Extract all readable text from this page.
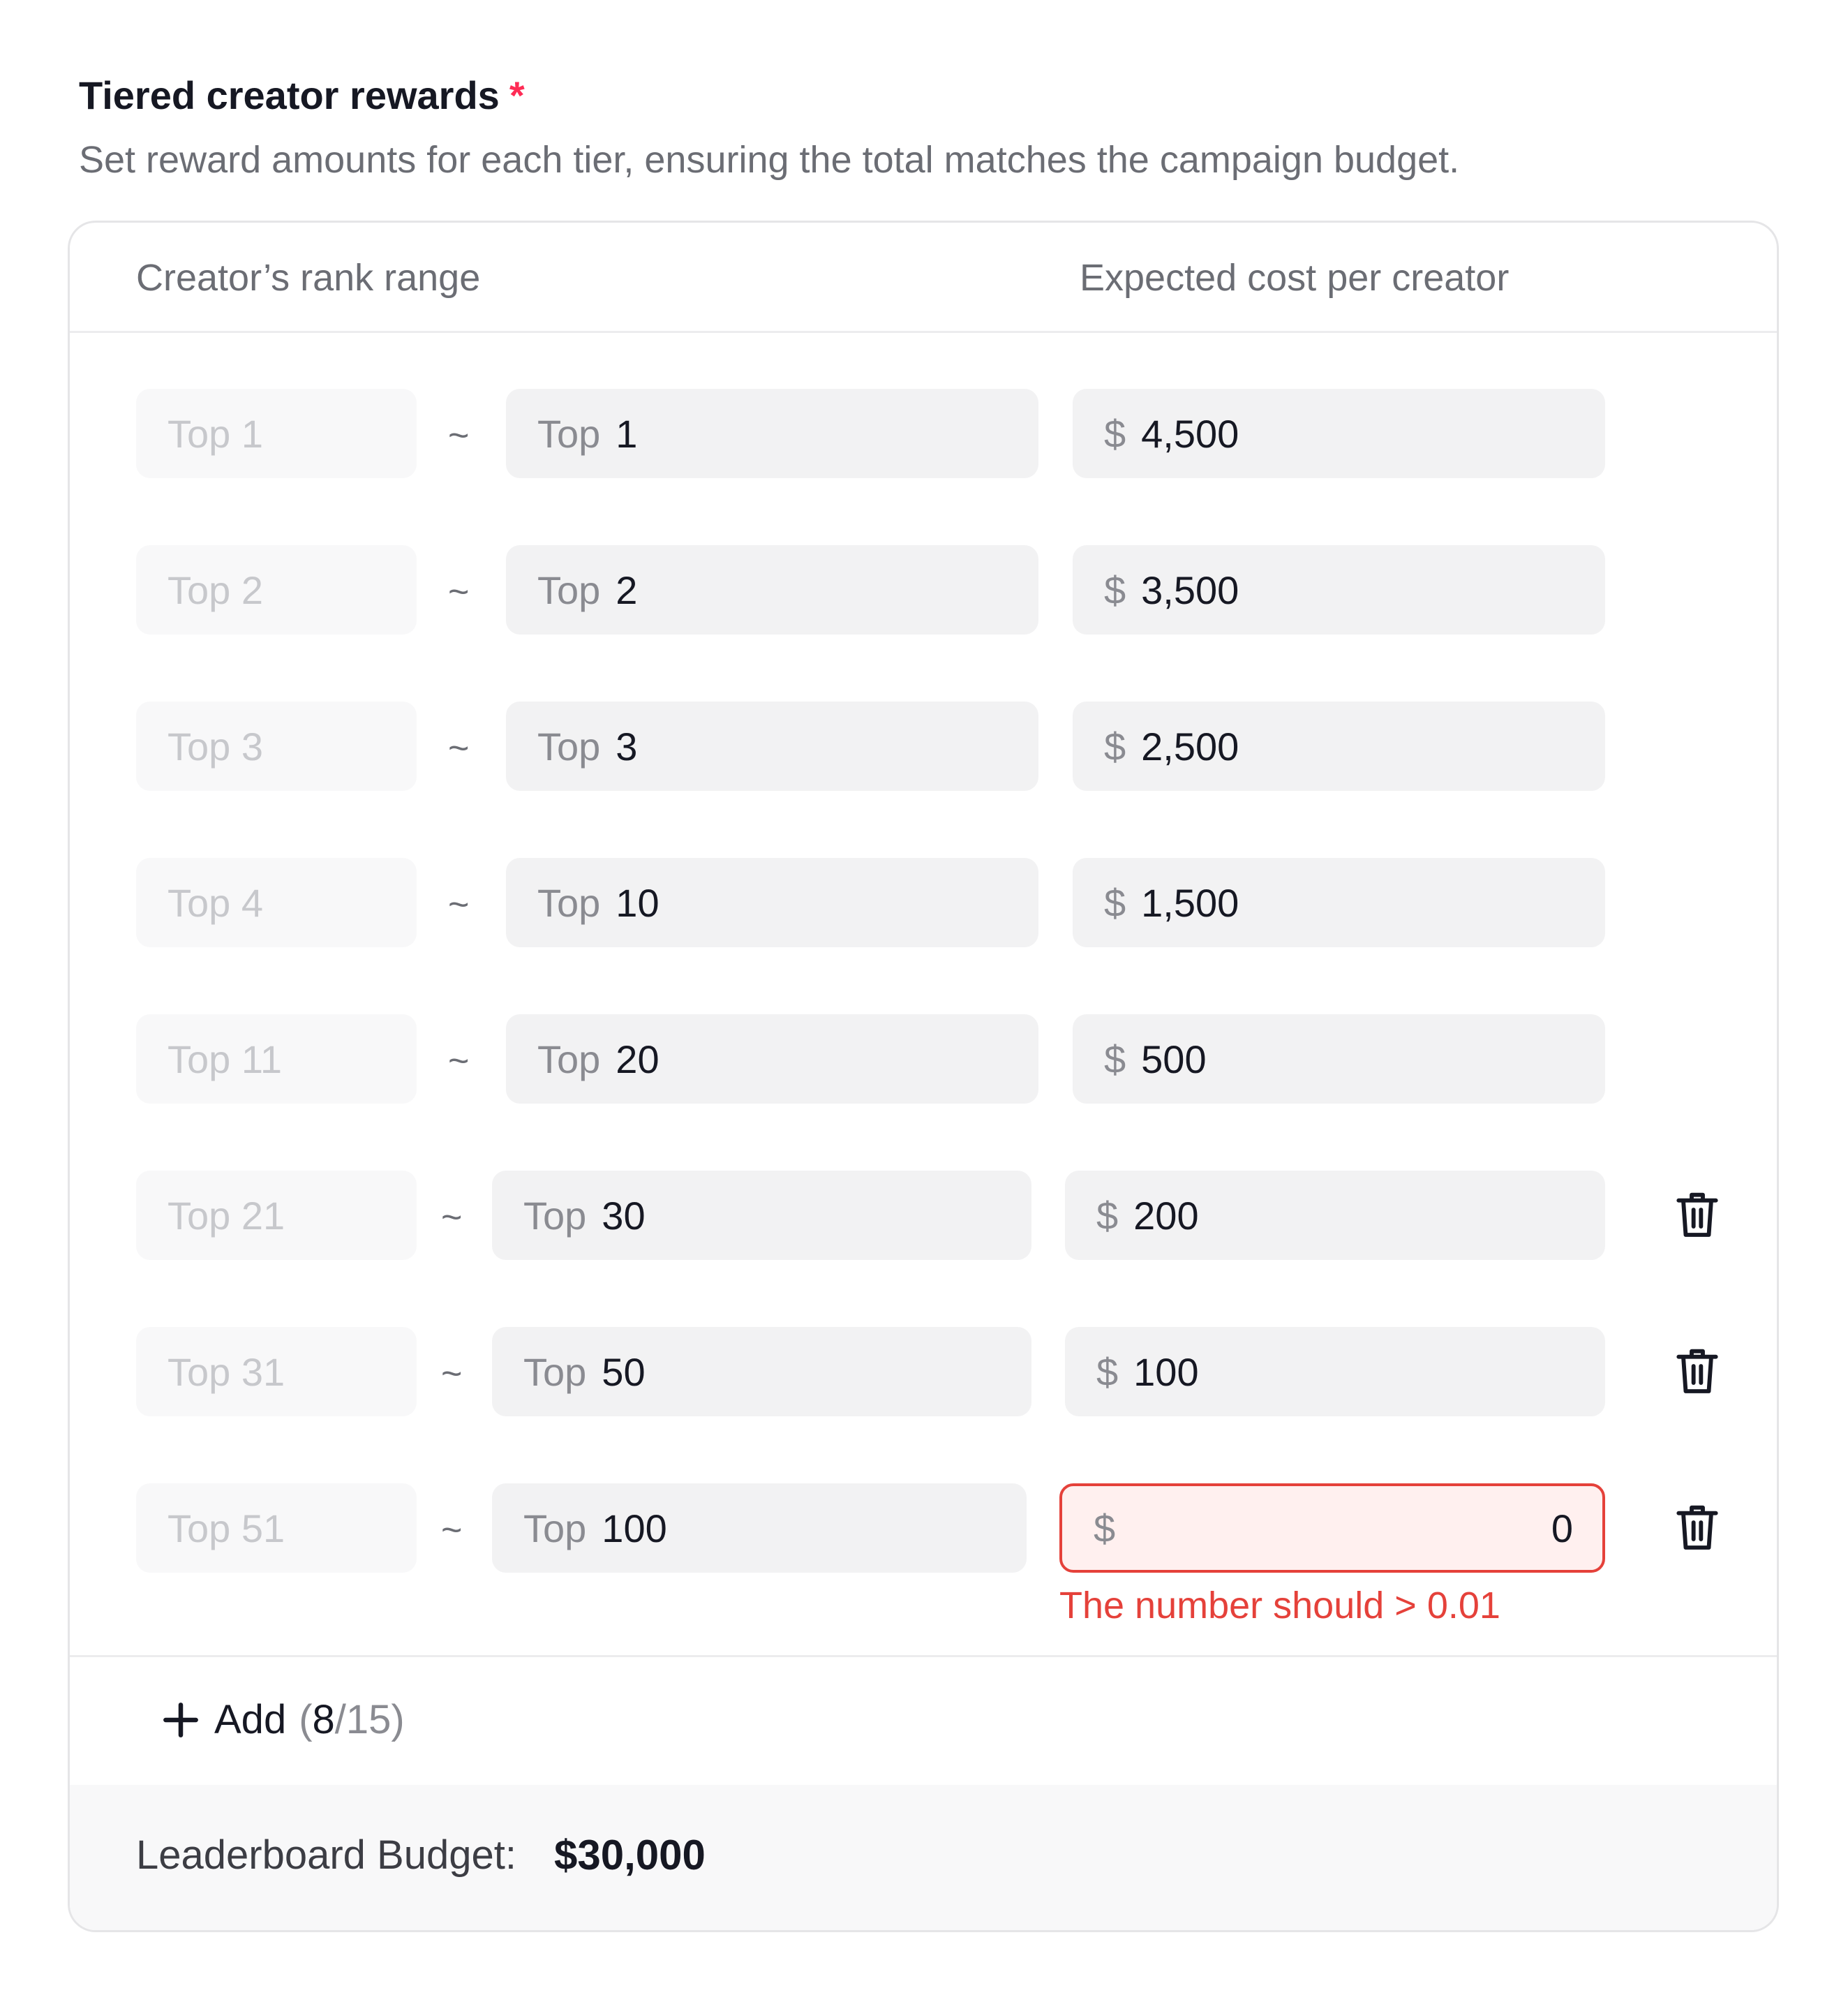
Tiered creator rewards *
Set reward amounts for each tier, ensuring the total matches the campaign budget.
Creator’s rank range	Expected cost per creator
Top 1	~ Top 1	$ 4,500
Top 2	~ Top 2	$ 3,500
Top 3	~ Top 3	$ 2,500
Top 4	~ Top 10	$ 1,500
Top 11	~ Top 20	$ 500
Top 21	~ Top 30	$ 200
Top 31	~ Top 50	$ 100
Top 51	~ Top 100	$	0
The number should > 0.01
Add (8/15)
Leaderboard Budget: $30,000
